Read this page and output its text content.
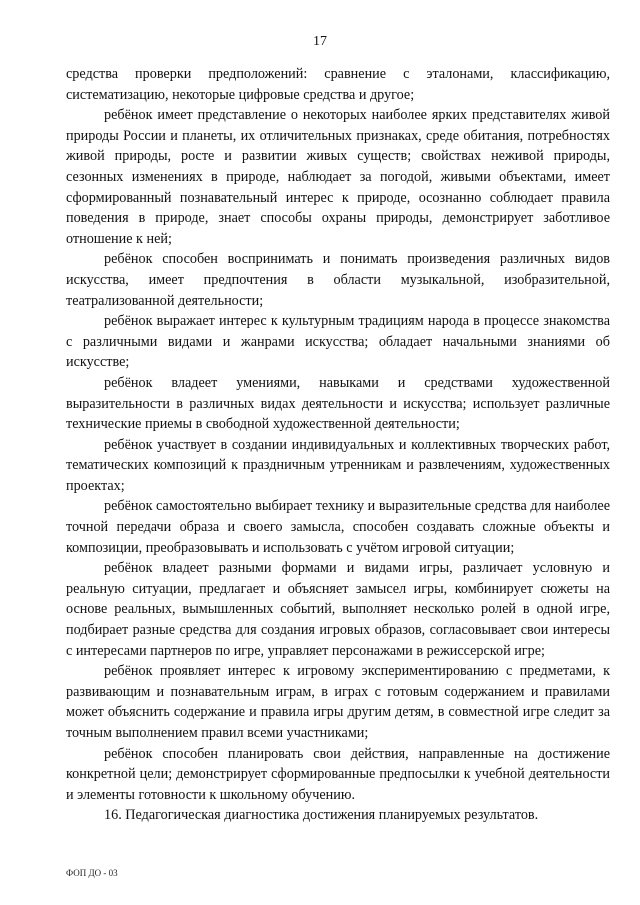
17

средства проверки предположений: сравнение с эталонами, классификацию, систематизацию, некоторые цифровые средства и другое;

ребёнок имеет представление о некоторых наиболее ярких представителях живой природы России и планеты, их отличительных признаках, среде обитания, потребностях живой природы, росте и развитии живых существ; свойствах неживой природы, сезонных изменениях в природе, наблюдает за погодой, живыми объектами, имеет сформированный познавательный интерес к природе, осознанно соблюдает правила поведения в природе, знает способы охраны природы, демонстрирует заботливое отношение к ней;

ребёнок способен воспринимать и понимать произведения различных видов искусства, имеет предпочтения в области музыкальной, изобразительной, театрализованной деятельности;

ребёнок выражает интерес к культурным традициям народа в процессе знакомства с различными видами и жанрами искусства; обладает начальными знаниями об искусстве;

ребёнок владеет умениями, навыками и средствами художественной выразительности в различных видах деятельности и искусства; использует различные технические приемы в свободной художественной деятельности;

ребёнок участвует в создании индивидуальных и коллективных творческих работ, тематических композиций к праздничным утренникам и развлечениям, художественных проектах;

ребёнок самостоятельно выбирает технику и выразительные средства для наиболее точной передачи образа и своего замысла, способен создавать сложные объекты и композиции, преобразовывать и использовать с учётом игровой ситуации;

ребёнок владеет разными формами и видами игры, различает условную и реальную ситуации, предлагает и объясняет замысел игры, комбинирует сюжеты на основе реальных, вымышленных событий, выполняет несколько ролей в одной игре, подбирает разные средства для создания игровых образов, согласовывает свои интересы с интересами партнеров по игре, управляет персонажами в режиссерской игре;

ребёнок проявляет интерес к игровому экспериментированию с предметами, к развивающим и познавательным играм, в играх с готовым содержанием и правилами может объяснить содержание и правила игры другим детям, в совместной игре следит за точным выполнением правил всеми участниками;

ребёнок способен планировать свои действия, направленные на достижение конкретной цели; демонстрирует сформированные предпосылки к учебной деятельности и элементы готовности к школьному обучению.

16. Педагогическая диагностика достижения планируемых результатов.

ФОП ДО - 03
